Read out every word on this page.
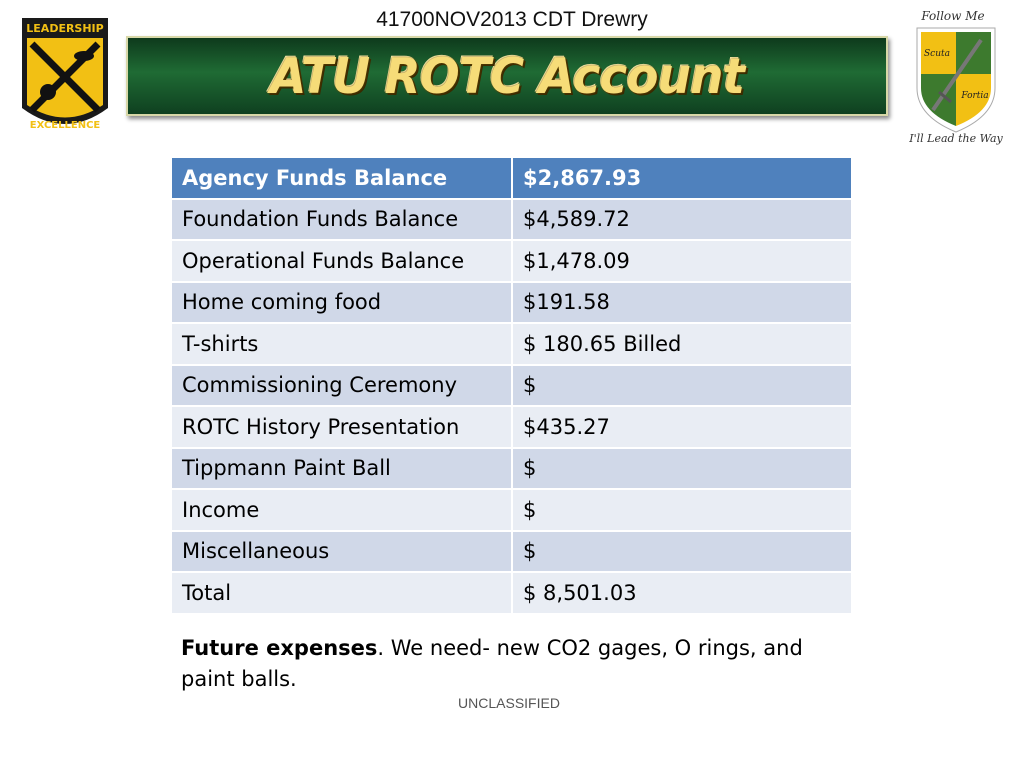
41700NOV2013 CDT Drewry
LEADERSHIP
EXCELLENCE
ATU ROTC Account
Follow Me
Scuta
Fortia
I'll Lead the Way
Agency Funds Balance	$2,867.93
Foundation Funds Balance	$4,589.72
Operational Funds Balance	$1,478.09
Home coming food	$191.58
T-shirts	$ 180.65 Billed
Commissioning Ceremony	$
ROTC History Presentation	$435.27
Tippmann Paint Ball	$
Income	$
Miscellaneous	$
Total	$ 8,501.03
Future expenses. We need- new CO2 gages, O rings, and paint balls.
UNCLASSIFIED
